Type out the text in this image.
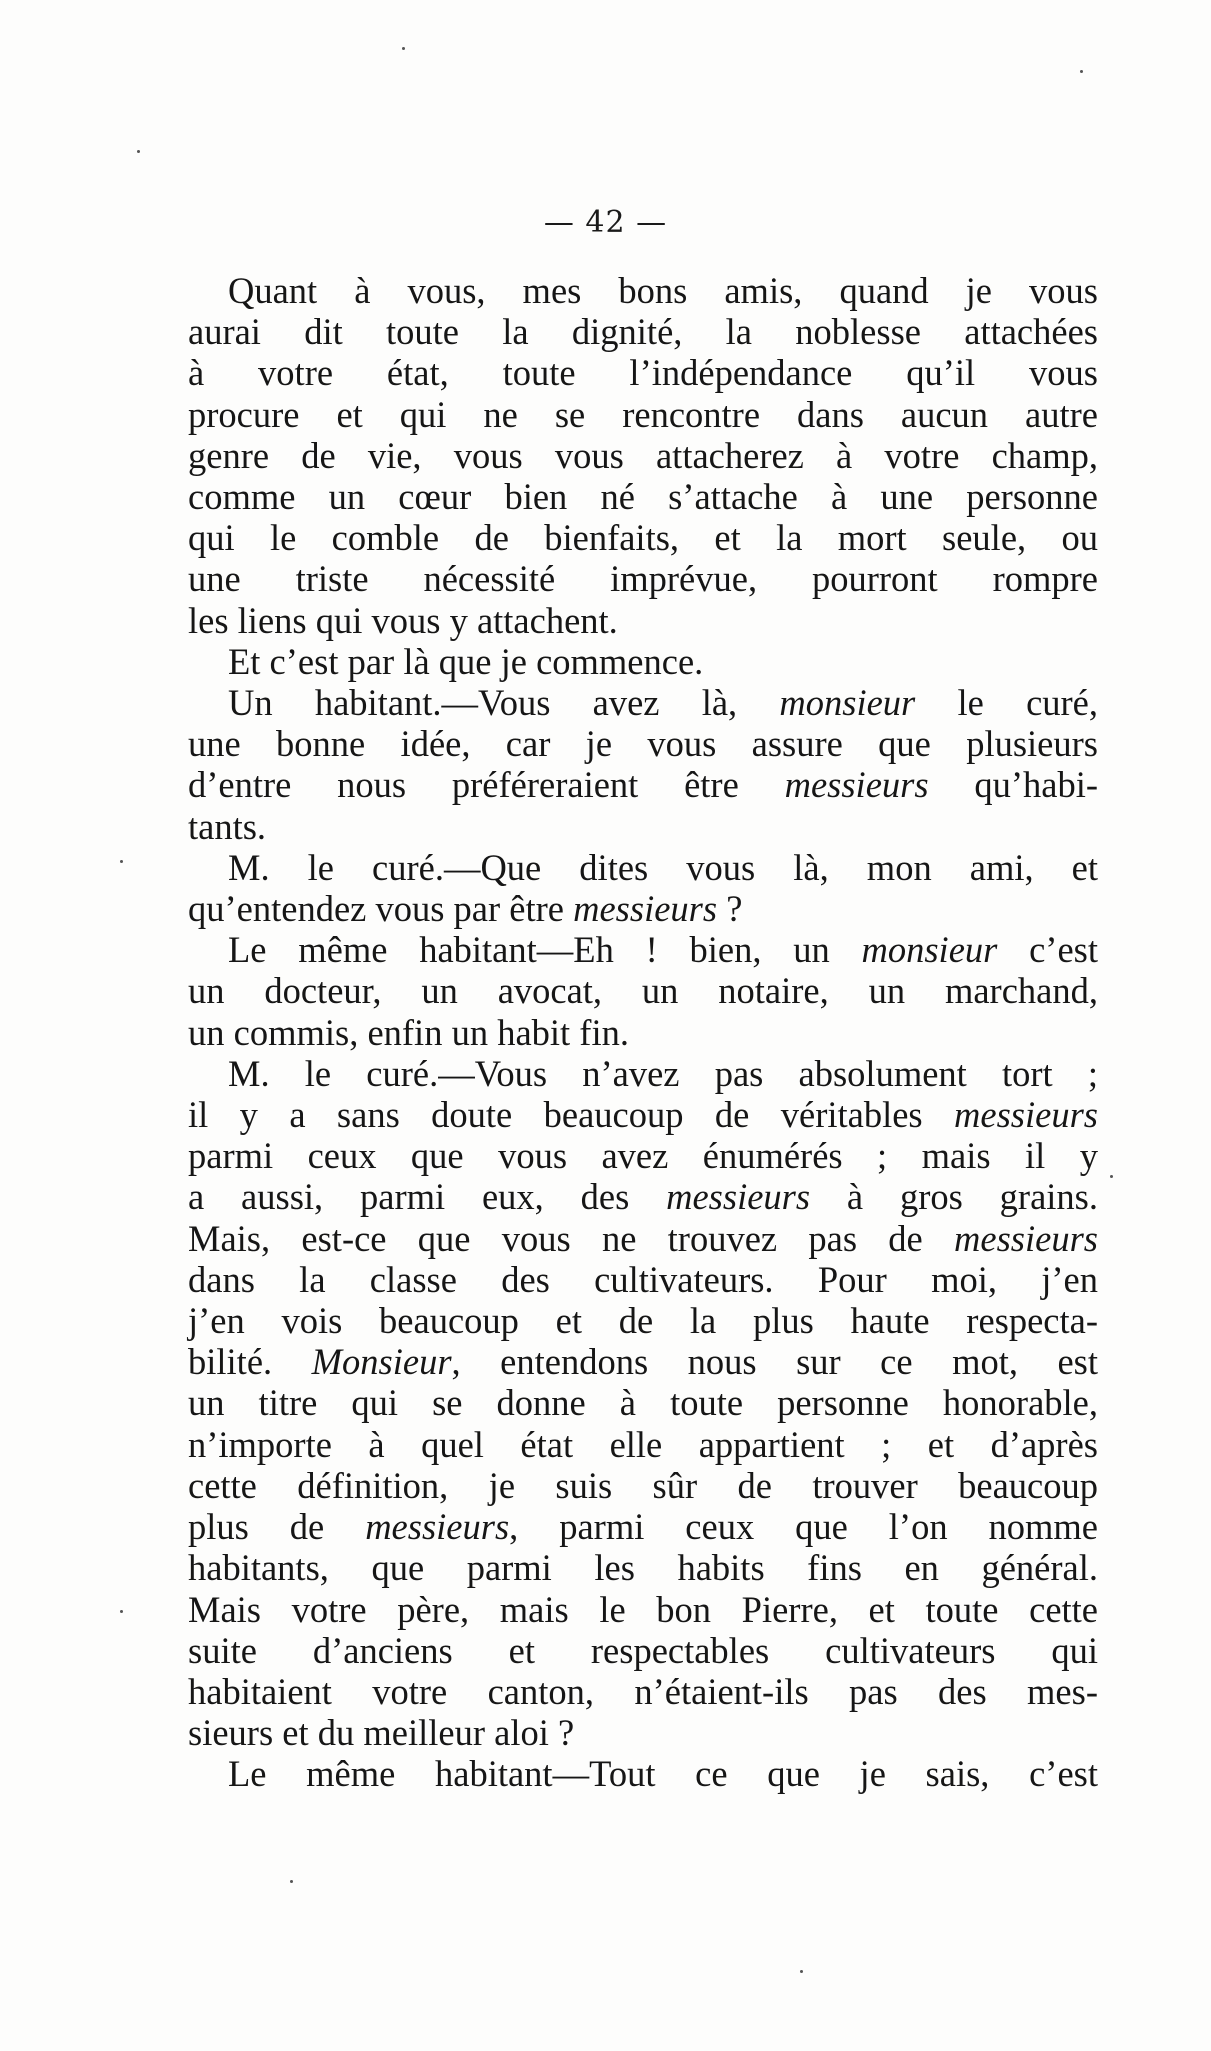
— 42 —
Quant à vous, mes bons amis, quand je vous
aurai dit toute la dignité, la noblesse attachées
à votre état, toute l’indépendance qu’il vous
procure et qui ne se rencontre dans aucun autre
genre de vie, vous vous attacherez à votre champ,
comme un cœur bien né s’attache à une personne
qui le comble de bienfaits, et la mort seule, ou
une triste nécessité imprévue, pourront rompre
les liens qui vous y attachent.
Et c’est par là que je commence.
Un habitant.—Vous avez là, monsieur le curé,
une bonne idée, car je vous assure que plusieurs
d’entre nous préféreraient être messieurs qu’habi-
tants.
M. le curé.—Que dites vous là, mon ami, et
qu’entendez vous par être messieurs ?
Le même habitant—Eh ! bien, un monsieur c’est
un docteur, un avocat, un notaire, un marchand,
un commis, enfin un habit fin.
M. le curé.—Vous n’avez pas absolument tort ;
il y a sans doute beaucoup de véritables messieurs
parmi ceux que vous avez énumérés ; mais il y
a aussi, parmi eux, des messieurs à gros grains.
Mais, est-ce que vous ne trouvez pas de messieurs
dans la classe des cultivateurs. Pour moi, j’en
j’en vois beaucoup et de la plus haute respecta-
bilité. Monsieur, entendons nous sur ce mot, est
un titre qui se donne à toute personne honorable,
n’importe à quel état elle appartient ; et d’après
cette définition, je suis sûr de trouver beaucoup
plus de messieurs, parmi ceux que l’on nomme
habitants, que parmi les habits fins en général.
Mais votre père, mais le bon Pierre, et toute cette
suite d’anciens et respectables cultivateurs qui
habitaient votre canton, n’étaient-ils pas des mes-
sieurs et du meilleur aloi ?
Le même habitant—Tout ce que je sais, c’est
